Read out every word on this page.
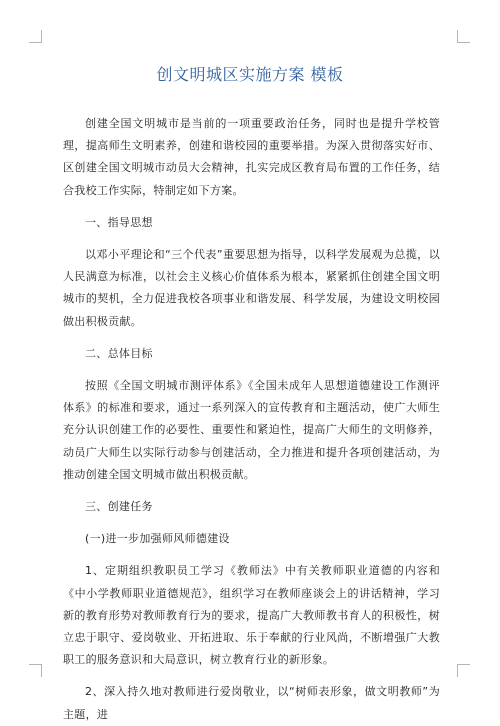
创文明城区实施方案 模板

创建全国文明城市是当前的一项重要政治任务，同时也是提升学校管理，提高师生文明素养，创建和谐校园的重要举措。为深入贯彻落实好市、区创建全国文明城市动员大会精神，扎实完成区教育局布置的工作任务，结合我校工作实际，特制定如下方案。

一、指导思想

以邓小平理论和“三个代表”重要思想为指导，以科学发展观为总揽，以人民满意为标准，以社会主义核心价值体系为根本，紧紧抓住创建全国文明城市的契机，全力促进我校各项事业和谐发展、科学发展，为建设文明校园做出积极贡献。

二、总体目标

按照《全国文明城市测评体系》《全国未成年人思想道德建设工作测评体系》的标准和要求，通过一系列深入的宣传教育和主题活动，使广大师生充分认识创建工作的必要性、重要性和紧迫性，提高广大师生的文明修养，动员广大师生以实际行动参与创建活动，全力推进和提升各项创建活动，为推动创建全国文明城市做出积极贡献。

三、创建任务

(一)进一步加强师风师德建设

1、定期组织教职员工学习《教师法》中有关教师职业道德的内容和《中小学教师职业道德规范》，组织学习在教师座谈会上的讲话精神，学习新的教育形势对教师教育行为的要求，提高广大教师教书育人的积极性，树立忠于职守、爱岗敬业、开拓进取、乐于奉献的行业风尚，不断增强广大教职工的服务意识和大局意识，树立教育行业的新形象。

2、深入持久地对教师进行爱岗敬业，以“树师表形象，做文明教师”为主题，进
